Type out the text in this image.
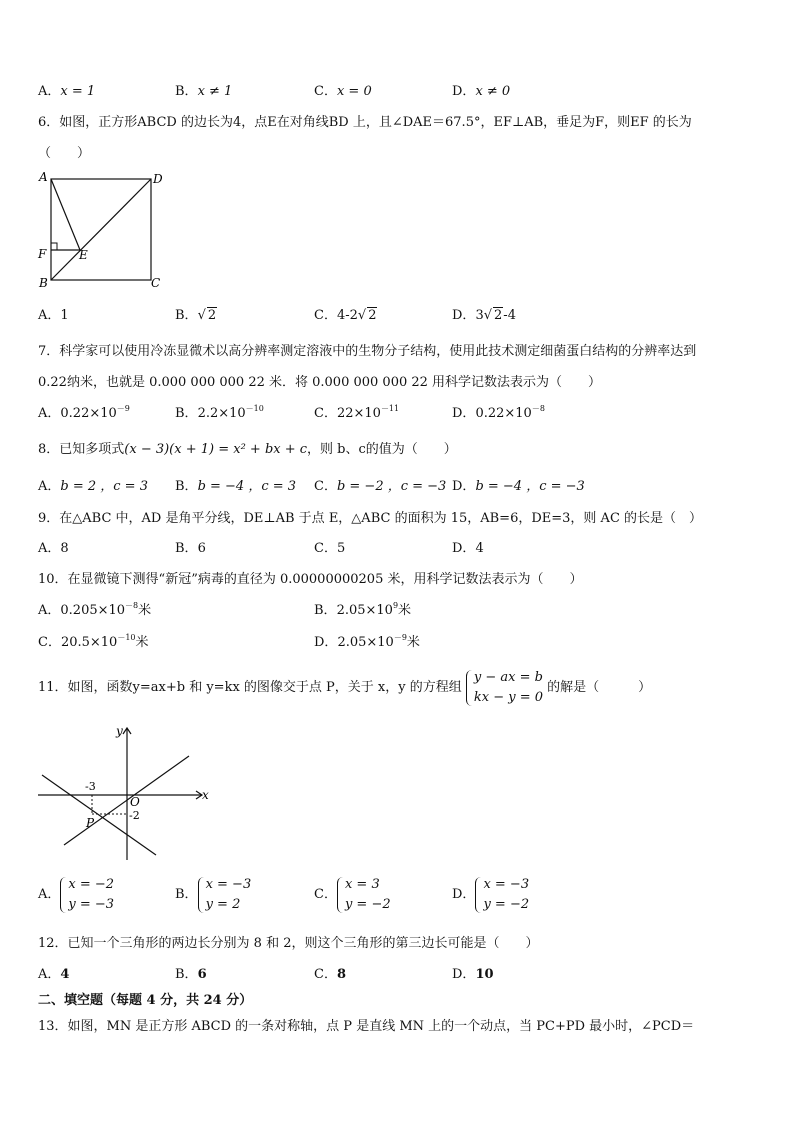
A．x = 1	B．x ≠ 1	C．x = 0	D．x ≠ 0
6．如图，正方形ABCD 的边长为4，点E在对角线BD 上，且∠DAE＝67.5°，EF⊥AB，垂足为F，则EF 的长为
（　　）
A	D
F	E
B	C
A．1	B．√ 2	C．4-2√ 2	D．3√ 2-4
7．科学家可以使用冷冻显微术以高分辨率测定溶液中的生物分子结构，使用此技术测定细菌蛋白结构的分辨率达到
0.22纳米，也就是 0.000 000 000 22 米．将 0.000 000 000 22 用科学记数法表示为（　　）
A．$0.22\times 10^{-9}$	B．$2.2\times 10^{-10}$	C．$22\times 10^{-11}$	D．$0.22\times 10^{-8}$
8．已知多项式(x − 3)(x + 1) = x² + bx + c，则 b、c的值为（　　）
A．b = 2 ，c = 3 B．b = −4 ，c = 3 C．b = −2 ，c = −3 D．b = −4 ，c = −3
9．在△ABC 中，AD 是角平分线，DE⊥AB 于点 E，△ABC 的面积为 15，AB=6，DE=3，则 AC 的长是（　）
A．8	B．6	C．5	D．4
10．在显微镜下测得“新冠”病毒的直径为 0.00000000205 米，用科学记数法表示为（　　）
A．$0.205\times 10^{-8}$米	B．$2.05\times 10^9$米
C．$20.5\times 10^{-10}$米	D．$2.05\times 10^{-9}$米
11．如图，函数y=ax+b 和 y=kx 的图像交于点 P，关于 x，y 的方程组
y − ax = b
kx − y = 0
的解是（　　　）
y
x
O
P
-3
-2
A．
x = −2
y = −3
B．
x = −3
y = 2
C．
x = 3
y = −2
D．
x = −3
y = −2
12．已知一个三角形的两边长分别为 8 和 2，则这个三角形的第三边长可能是（　　）
A．4	B．6	C．8	D．10
二、填空题（每题 4 分，共 24 分）
13．如图，MN 是正方形 ABCD 的一条对称轴，点 P 是直线 MN 上的一个动点，当 PC+PD 最小时，∠PCD＝
